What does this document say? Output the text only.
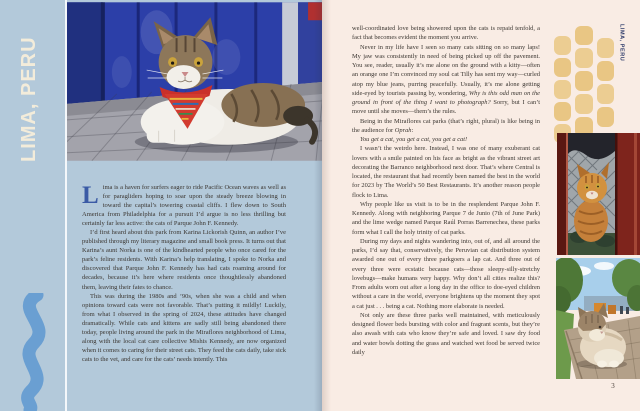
LIMA, PERU

Lima is a haven for surfers eager to ride Pacific Ocean waves as well as for paragliders hoping to soar upon the steady breeze blowing in toward the capital’s towering coastal cliffs. I flew down to South America from Philadelphia for a pursuit I’d argue is no less thrilling but certainly far less active: the cats of Parque John F. Kennedy.

I’d first heard about this park from Karina Lickorish Quinn, an author I’ve published through my literary magazine and small book press. It turns out that Karina’s aunt Norka is one of the kindhearted people who once cared for the park’s feline residents. With Karina’s help translating, I spoke to Norka and discovered that Parque John F. Kennedy has had cats roaming around for decades, because it’s here where residents once thoughtlessly abandoned them, leaving their fates to chance.

This was during the 1980s and ’90s, when she was a child and when opinions toward cats were not favorable. That’s putting it mildly! Luckily, from what I observed in the spring of 2024, these attitudes have changed dramatically. While cats and kittens are sadly still being abandoned there today, people living around the park in the Miraflores neighborhood of Lima, along with the local cat care collective Mishis Kennedy, are now organized when it comes to caring for their street cats. They feed the cats daily, take sick cats to the vet, and care for the cats’ needs intently. This

LIMA, PERU

well-coordinated love being showered upon the cats is repaid tenfold, a fact that becomes evident the moment you arrive.

Never in my life have I seen so many cats sitting on so many laps! My jaw was consistently in need of being picked up off the pavement. You see, reader, usually it’s me alone on the ground with a kitty—often an orange one I’m convinced my soul cat Tilly has sent my way—curled atop my blue jeans, purring peacefully. Usually, it’s me alone getting side-eyed by tourists passing by, wondering, Why is this odd man on the ground in front of the thing I want to photograph? Sorry, but I can’t move until she moves—them’s the rules.

Being in the Miraflores cat parks (that’s right, plural) is like being in the audience for Oprah:

You get a cat, you get a cat, you get a cat!

I wasn’t the weirdo here. Instead, I was one of many exuberant cat lovers with a smile painted on his face as bright as the vibrant street art decorating the Barranco neighborhood next door. That’s where Central is located, the restaurant that had recently been named the best in the world for 2023 by The World’s 50 Best Restaurants. It’s another reason people flock to Lima.

Why people like us visit is to be in the resplendent Parque John F. Kennedy. Along with neighboring Parque 7 de Junio (7th of June Park) and the lime wedge named Parque Raúl Porras Barrenechea, these parks form what I call the holy trinity of cat parks.

During my days and nights wandering into, out of, and all around the parks, I’d say that, conservatively, the Peruvian cat distribution system awarded one out of every three parkgoers a lap cat. And three out of every three were ecstatic because cats—those sleepy-silly-stretchy lovebugs—make humans very happy. Why don’t all cities realize this? From adults worn out after a long day in the office to doe-eyed children without a care in the world, everyone brightens up the moment they spot a cat just . . . being a cat. Nothing more elaborate is needed.

Not only are these three parks well maintained, with meticulously designed flower beds bursting with color and fragrant scents, but they’re also awash with cats who know they’re safe and loved. I saw dry food and water bowls dotting the grass and watched wet food be served twice daily

3
